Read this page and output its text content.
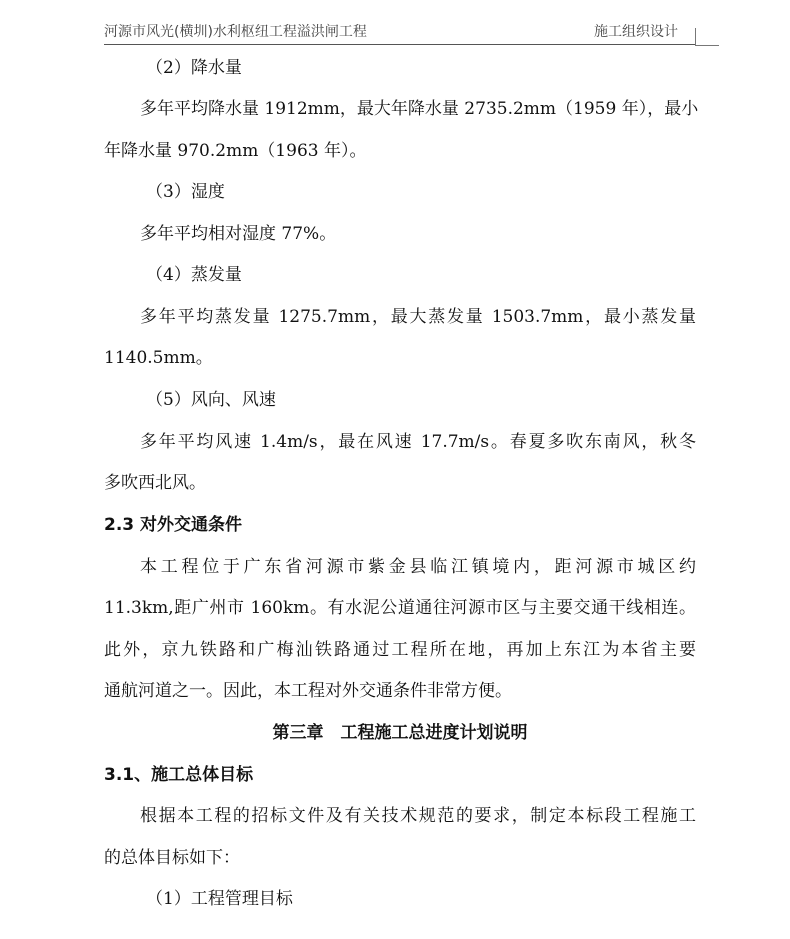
河源市风光(横圳)水利枢纽工程溢洪闸工程	施工组织设计
（2）降水量
多年平均降水量 1912mm，最大年降水量 2735.2mm（1959 年），最小
年降水量 970.2mm（1963 年）。
（3）湿度
多年平均相对湿度 77%。
（4）蒸发量
多年平均蒸发量 1275.7mm，最大蒸发量 1503.7mm，最小蒸发量
1140.5mm。
（5）风向、风速
多年平均风速 1.4m/s，最在风速 17.7m/s。春夏多吹东南风，秋冬
多吹西北风。
2.3 对外交通条件
本工程位于广东省河源市紫金县临江镇境内，距河源市城区约
11.3km,距广州市 160km。有水泥公道通往河源市区与主要交通干线相连。
此外，京九铁路和广梅汕铁路通过工程所在地，再加上东江为本省主要
通航河道之一。因此，本工程对外交通条件非常方便。
第三章　工程施工总进度计划说明
3.1、施工总体目标
根据本工程的招标文件及有关技术规范的要求，制定本标段工程施工
的总体目标如下：
（1）工程管理目标
